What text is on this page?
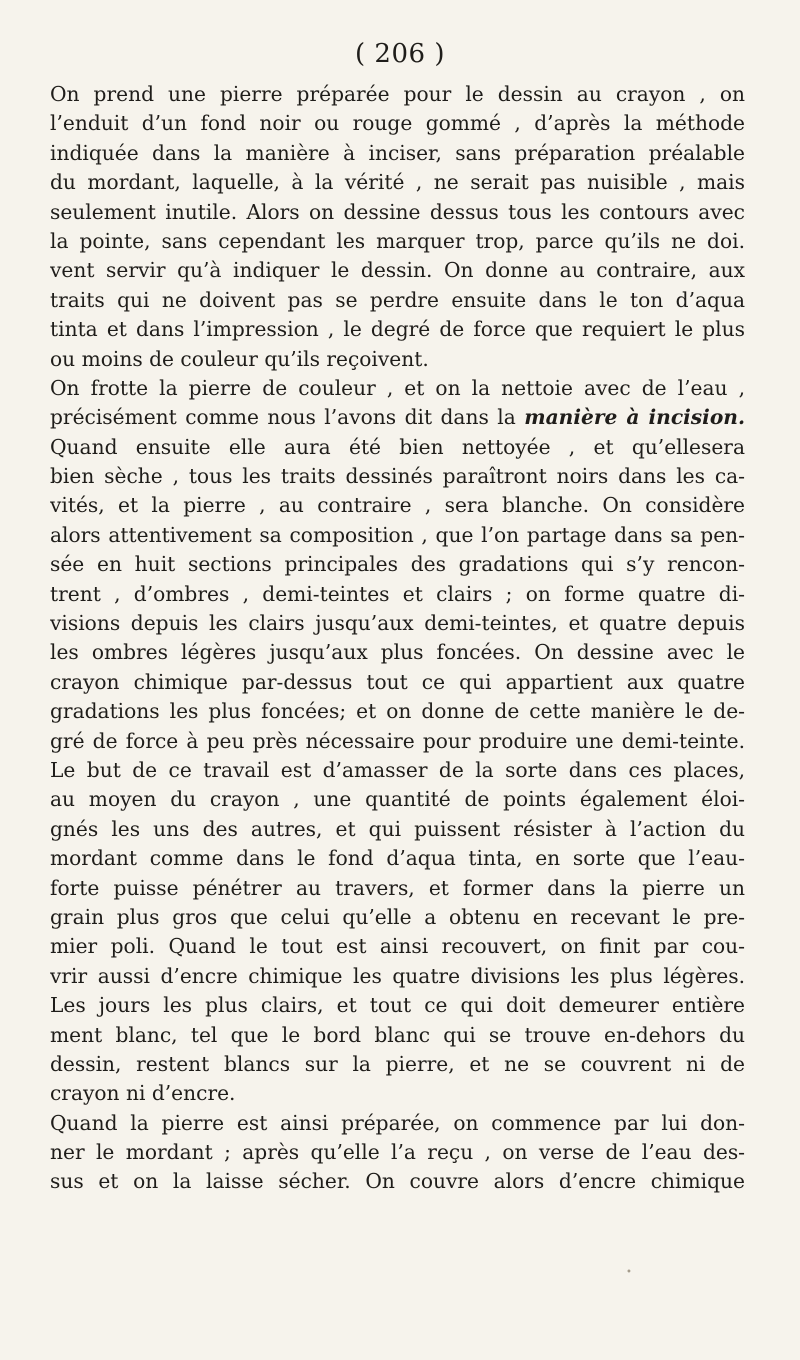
( 206 )
On prend une pierre préparée pour le dessin au crayon , on
l’enduit d’un fond noir ou rouge gommé , d’après la méthode
indiquée dans la manière à inciser, sans préparation préalable
du mordant, laquelle, à la vérité , ne serait pas nuisible , mais
seulement inutile. Alors on dessine dessus tous les contours avec
la pointe, sans cependant les marquer trop, parce qu’ils ne doi.
vent servir qu’à indiquer le dessin. On donne au contraire, aux
traits qui ne doivent pas se perdre ensuite dans le ton d’aqua
tinta et dans l’impression , le degré de force que requiert le plus
ou moins de couleur qu’ils reçoivent.
On frotte la pierre de couleur , et on la nettoie avec de l’eau ,
précisément comme nous l’avons dit dans la manière à incision.
Quand ensuite elle aura été bien nettoyée , et qu’ellesera
bien sèche , tous les traits dessinés paraîtront noirs dans les ca-
vités, et la pierre , au contraire , sera blanche. On considère
alors attentivement sa composition , que l’on partage dans sa pen-
sée en huit sections principales des gradations qui s’y rencon-
trent , d’ombres , demi-teintes et clairs ; on forme quatre di-
visions depuis les clairs jusqu’aux demi-teintes, et quatre depuis
les ombres légères jusqu’aux plus foncées. On dessine avec le
crayon chimique par-dessus tout ce qui appartient aux quatre
gradations les plus foncées; et on donne de cette manière le de-
gré de force à peu près nécessaire pour produire une demi-teinte.
Le but de ce travail est d’amasser de la sorte dans ces places,
au moyen du crayon , une quantité de points également éloi-
gnés les uns des autres, et qui puissent résister à l’action du
mordant comme dans le fond d’aqua tinta, en sorte que l’eau-
forte puisse pénétrer au travers, et former dans la pierre un
grain plus gros que celui qu’elle a obtenu en recevant le pre-
mier poli. Quand le tout est ainsi recouvert, on finit par cou-
vrir aussi d’encre chimique les quatre divisions les plus légères.
Les jours les plus clairs, et tout ce qui doit demeurer entière
ment blanc, tel que le bord blanc qui se trouve en-dehors du
dessin, restent blancs sur la pierre, et ne se couvrent ni de
crayon ni d’encre.
Quand la pierre est ainsi préparée, on commence par lui don-
ner le mordant ; après qu’elle l’a reçu , on verse de l’eau des-
sus et on la laisse sécher. On couvre alors d’encre chimique
•
